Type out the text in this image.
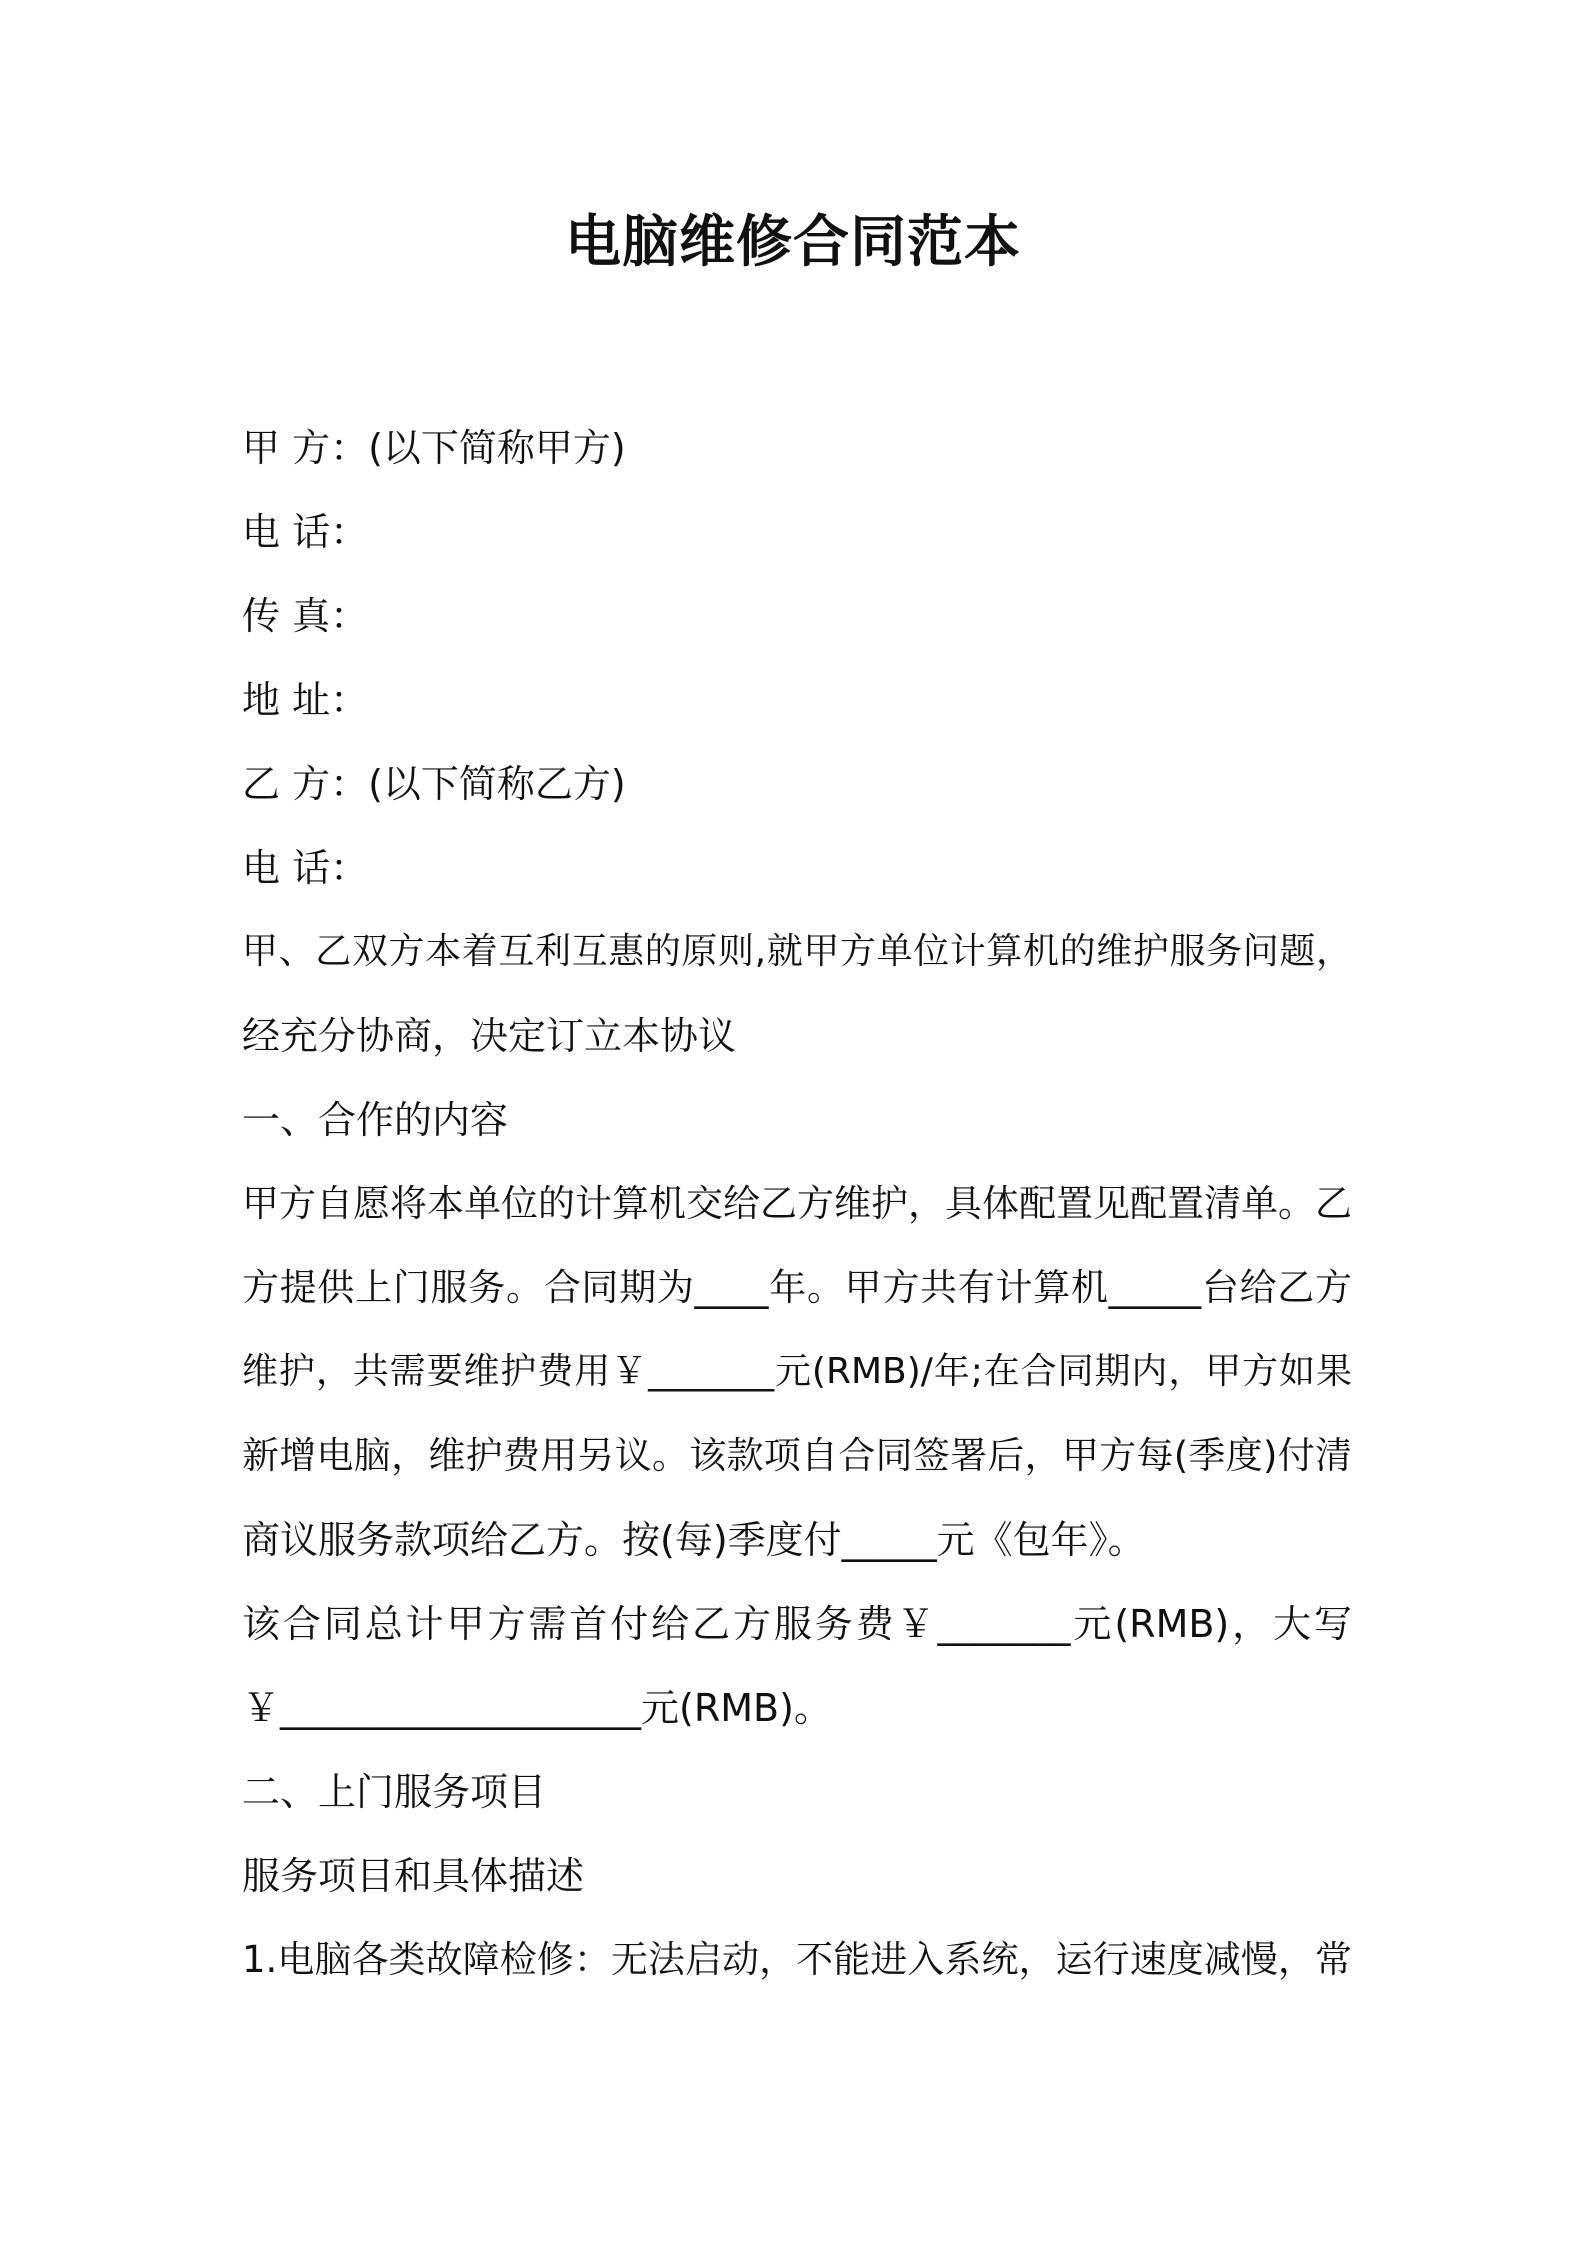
电脑维修合同范本

甲 方：(以下简称甲方)

电 话：

传 真：

地 址：

乙 方：(以下简称乙方)

电 话：

甲、乙双方本着互利互惠的原则,就甲方单位计算机的维护服务问题，

经充分协商，决定订立本协议

一、合作的内容

甲方自愿将本单位的计算机交给乙方维护，具体配置见配置清单。乙

方提供上门服务。合同期为____年。甲方共有计算机_____台给乙方

维护，共需要维护费用￥_______元(RMB)/年;在合同期内，甲方如果

新增电脑，维护费用另议。该款项自合同签署后，甲方每(季度)付清

商议服务款项给乙方。按(每)季度付_____元《包年》。

该合同总计甲方需首付给乙方服务费￥_______元(RMB)，大写

￥___________________元(RMB)。

二、上门服务项目

服务项目和具体描述

1.电脑各类故障检修：无法启动，不能进入系统，运行速度减慢，常
